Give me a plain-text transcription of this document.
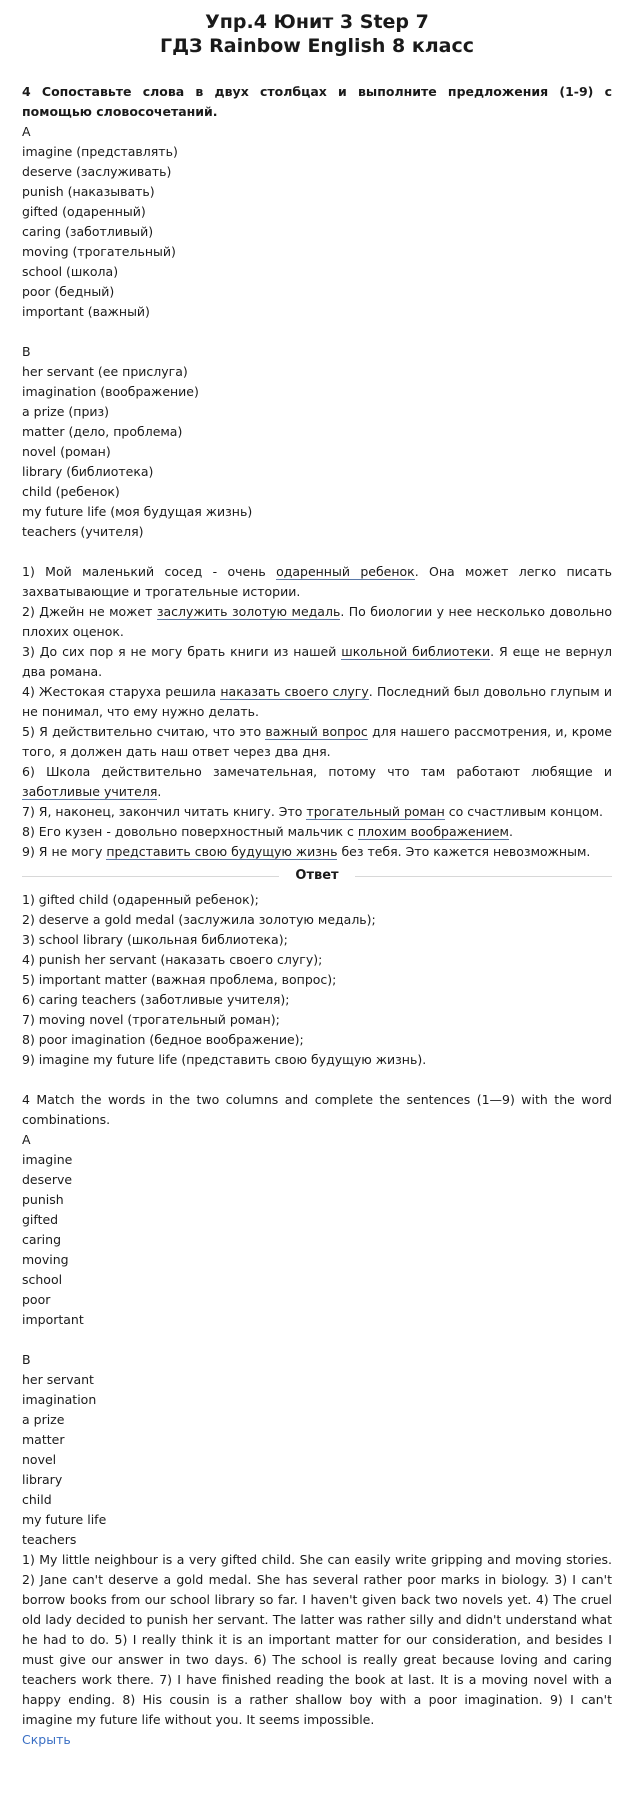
Упр.4 Юнит 3 Step 7
ГДЗ Rainbow English 8 класс

4 Сопоставьте слова в двух столбцах и выполните предложения (1-9) с помощью словосочетаний.

A

imagine (представлять)

deserve (заслуживать)

punish (наказывать)

gifted (одаренный)

caring (заботливый)

moving (трогательный)

school (школа)

poor (бедный)

important (важный)

B

her servant (ее прислуга)

imagination (воображение)

a prize (приз)

matter (дело, проблема)

novel (роман)

library (библиотека)

child (ребенок)

my future life (моя будущая жизнь)

teachers (учителя)

1) Мой маленький сосед - очень одаренный ребенок. Она может легко писать захватывающие и трогательные истории.

2) Джейн не может заслужить золотую медаль. По биологии у нее несколько довольно плохих оценок.

3) До сих пор я не могу брать книги из нашей школьной библиотеки. Я еще не вернул два романа.

4) Жестокая старуха решила наказать своего слугу. Последний был довольно глупым и не понимал, что ему нужно делать.

5) Я действительно считаю, что это важный вопрос для нашего рассмотрения, и, кроме того, я должен дать наш ответ через два дня.

6) Школа действительно замечательная, потому что там работают любящие и заботливые учителя.

7) Я, наконец, закончил читать книгу. Это трогательный роман со счастливым концом.

8) Его кузен - довольно поверхностный мальчик с плохим воображением.

9) Я не могу представить свою будущую жизнь без тебя. Это кажется невозможным.

Ответ

1) gifted child (одаренный ребенок);

2) deserve a gold medal (заслужила золотую медаль);

3) school library (школьная библиотека);

4) punish her servant (наказать своего слугу);

5) important matter (важная проблема, вопрос);

6) caring teachers (заботливые учителя);

7) moving novel (трогательный роман);

8) poor imagination (бедное воображение);

9) imagine my future life (представить свою будущую жизнь).

4 Match the words in the two columns and complete the sentences (1—9) with the word combinations.

A

imagine

deserve

punish

gifted

caring

moving

school

poor

important

B

her servant

imagination

a prize

matter

novel

library

child

my future life

teachers

1) My little neighbour is a very gifted child. She can easily write gripping and moving stories. 2) Jane can't deserve a gold medal. She has several rather poor marks in biology. 3) I can't borrow books from our school library so far. I haven't given back two novels yet. 4) The cruel old lady decided to punish her servant. The latter was rather silly and didn't understand what he had to do. 5) I really think it is an important matter for our consideration, and besides I must give our answer in two days. 6) The school is really great because loving and caring teachers work there. 7) I have finished reading the book at last. It is a moving novel with a happy ending. 8) His cousin is a rather shallow boy with a poor imagination. 9) I can't imagine my future life without you. It seems impossible.

Скрыть
